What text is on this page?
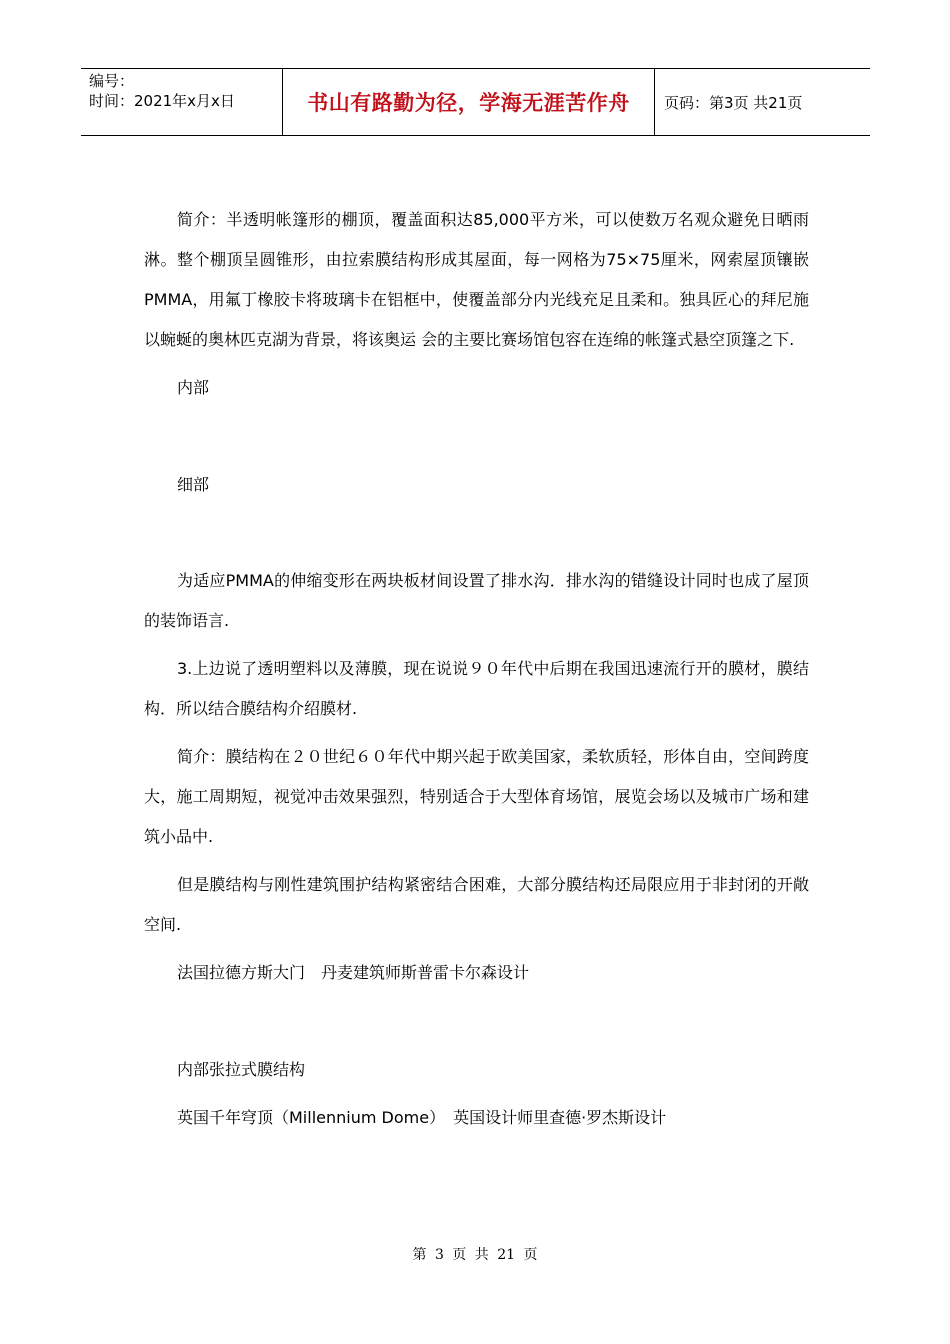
编号：
时间：2021年x月x日	书山有路勤为径，学海无涯苦作舟	页码：第3页 共21页

简介：半透明帐篷形的棚顶，覆盖面积达85,000平方米，可以使数万名观众避免日晒雨淋。整个棚顶呈圆锥形，由拉索膜结构形成其屋面，每一网格为75×75厘米，网索屋顶镶嵌PMMA，用氟丁橡胶卡将玻璃卡在铝框中，使覆盖部分内光线充足且柔和。独具匠心的拜尼施以蜿蜒的奥林匹克湖为背景，将该奥运 会的主要比赛场馆包容在连绵的帐篷式悬空顶篷之下.

内部

细部

为适应PMMA的伸缩变形在两块板材间设置了排水沟．排水沟的错缝设计同时也成了屋顶的装饰语言.

3.上边说了透明塑料以及薄膜，现在说说９０年代中后期在我国迅速流行开的膜材，膜结构．所以结合膜结构介绍膜材.

简介：膜结构在２０世纪６０年代中期兴起于欧美国家，柔软质轻，形体自由，空间跨度大，施工周期短，视觉冲击效果强烈，特别适合于大型体育场馆，展览会场以及城市广场和建筑小品中.

但是膜结构与刚性建筑围护结构紧密结合困难，大部分膜结构还局限应用于非封闭的开敞空间.

法国拉德方斯大门　丹麦建筑师斯普雷卡尔森设计

内部张拉式膜结构

英国千年穹顶（Millennium Dome）　英国设计师里查德·罗杰斯设计

第 3 页 共 21 页
